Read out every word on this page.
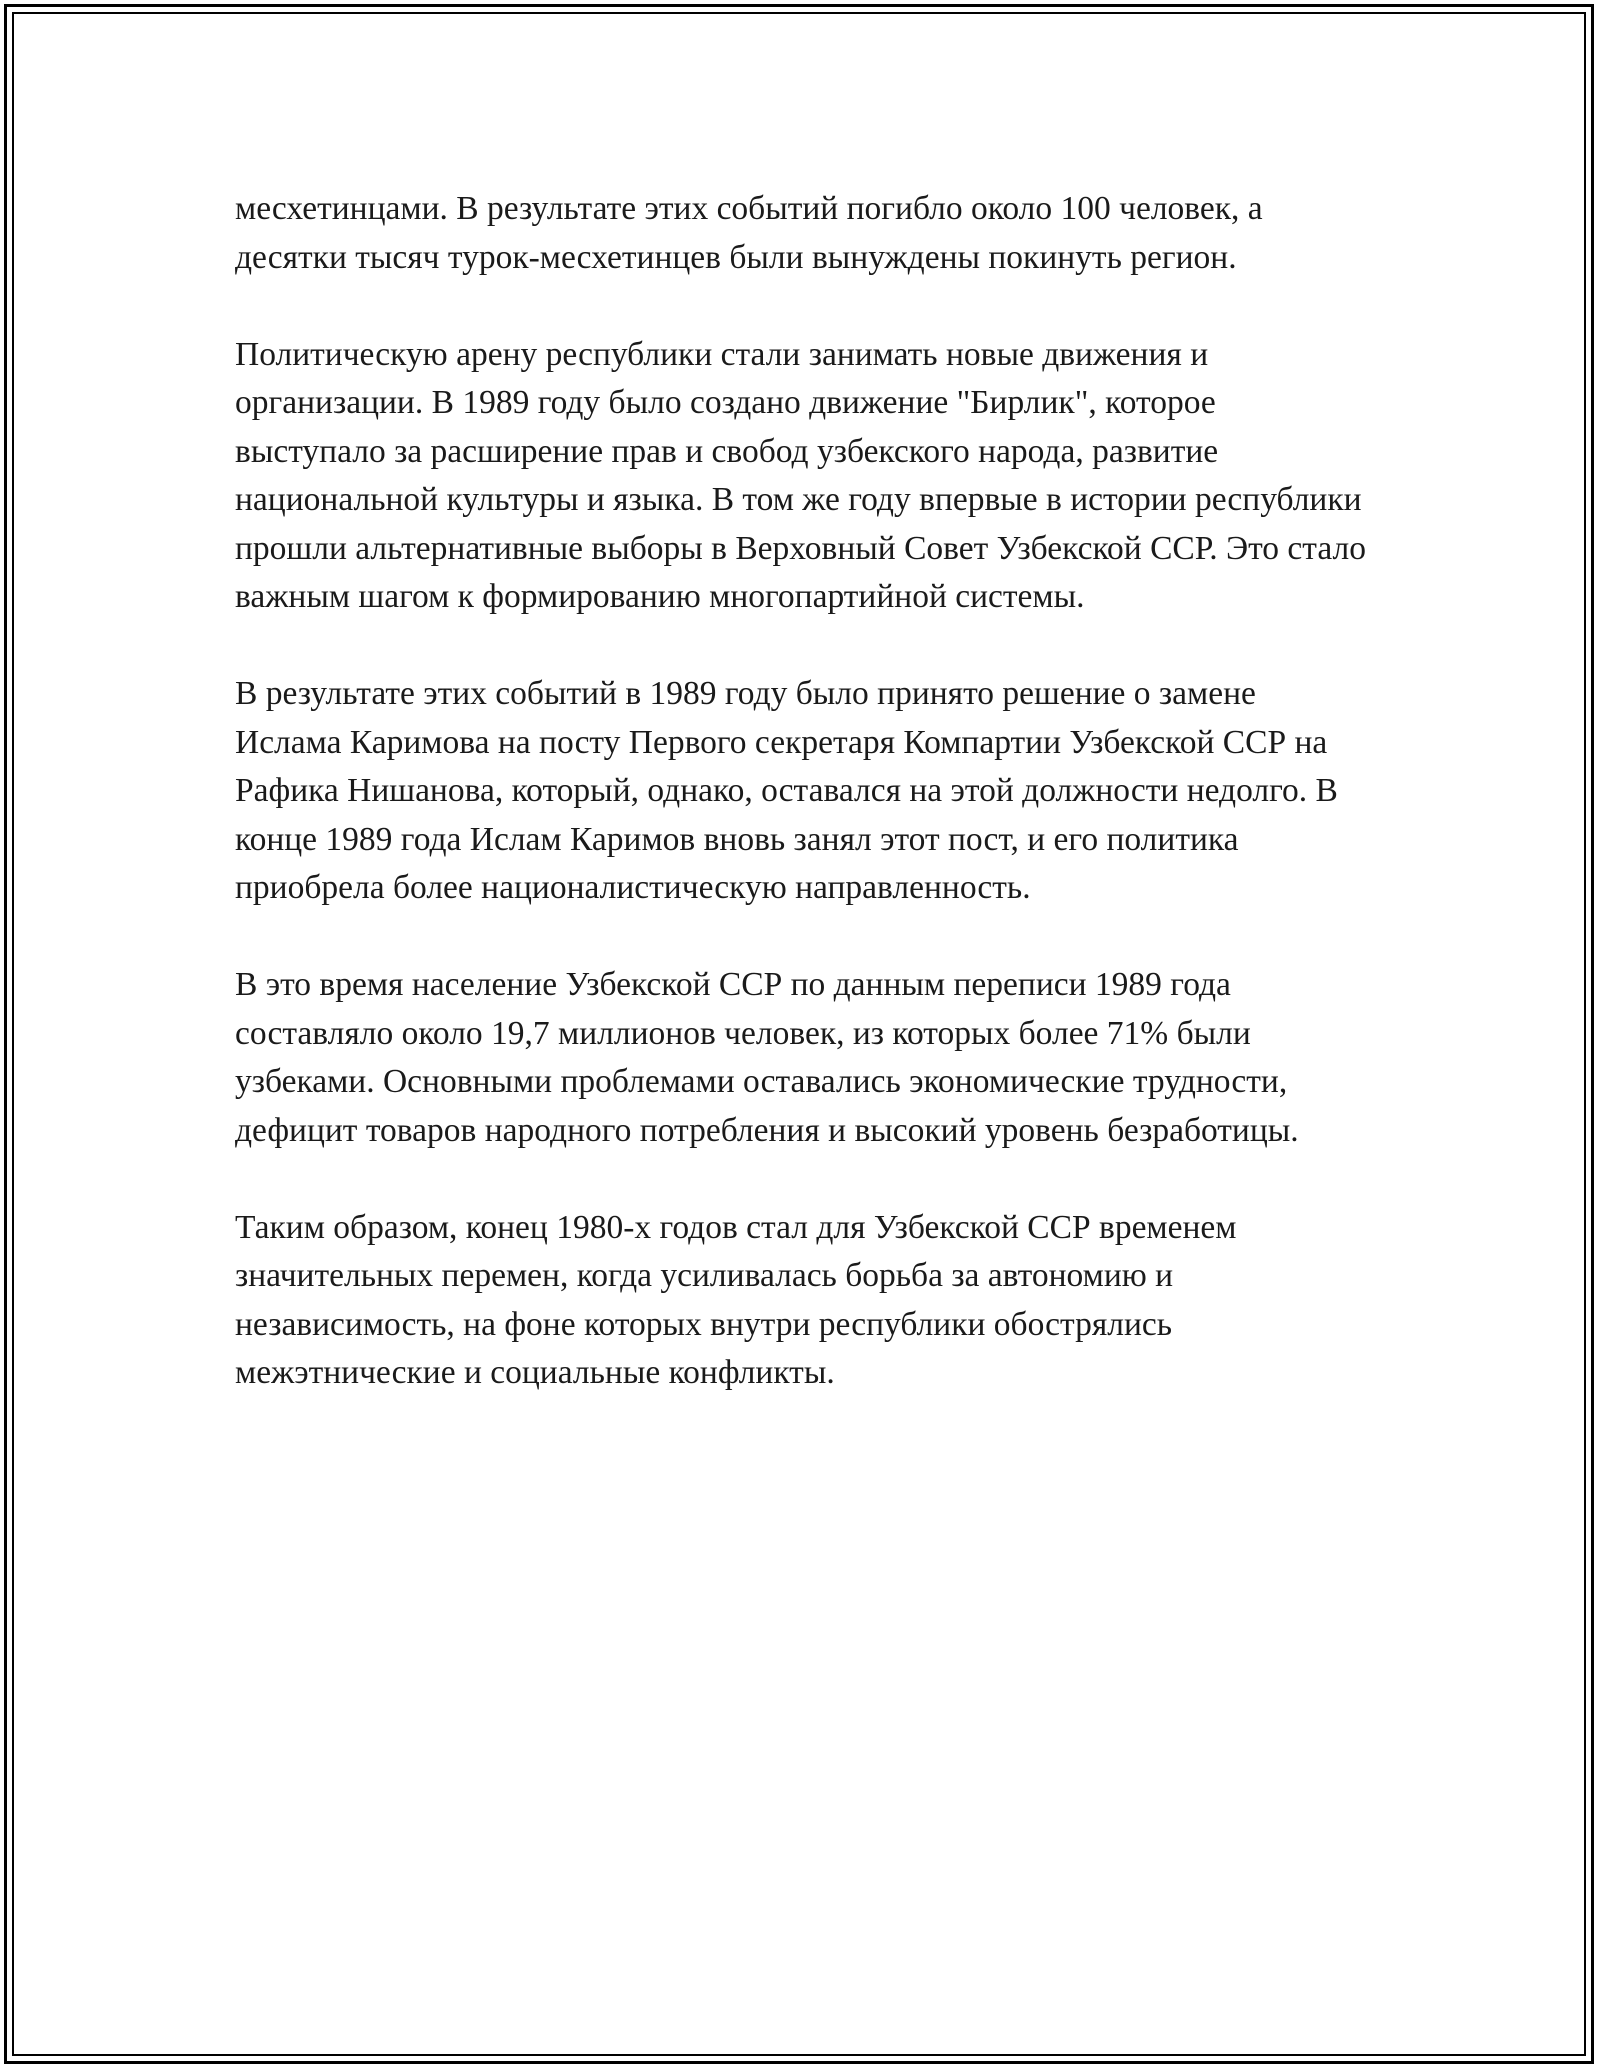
месхетинцами. В результате этих событий погибло около 100 человек, а десятки тысяч турок-месхетинцев были вынуждены покинуть регион.

Политическую арену республики стали занимать новые движения и организации. В 1989 году было создано движение "Бирлик", которое выступало за расширение прав и свобод узбекского народа, развитие национальной культуры и языка. В том же году впервые в истории республики прошли альтернативные выборы в Верховный Совет Узбекской ССР. Это стало важным шагом к формированию многопартийной системы.

В результате этих событий в 1989 году было принято решение о замене Ислама Каримова на посту Первого секретаря Компартии Узбекской ССР на Рафика Нишанова, который, однако, оставался на этой должности недолго. В конце 1989 года Ислам Каримов вновь занял этот пост, и его политика приобрела более националистическую направленность.

В это время население Узбекской ССР по данным переписи 1989 года составляло около 19,7 миллионов человек, из которых более 71% были узбеками. Основными проблемами оставались экономические трудности, дефицит товаров народного потребления и высокий уровень безработицы.

Таким образом, конец 1980-х годов стал для Узбекской ССР временем значительных перемен, когда усиливалась борьба за автономию и независимость, на фоне которых внутри республики обострялись межэтнические и социальные конфликты.
